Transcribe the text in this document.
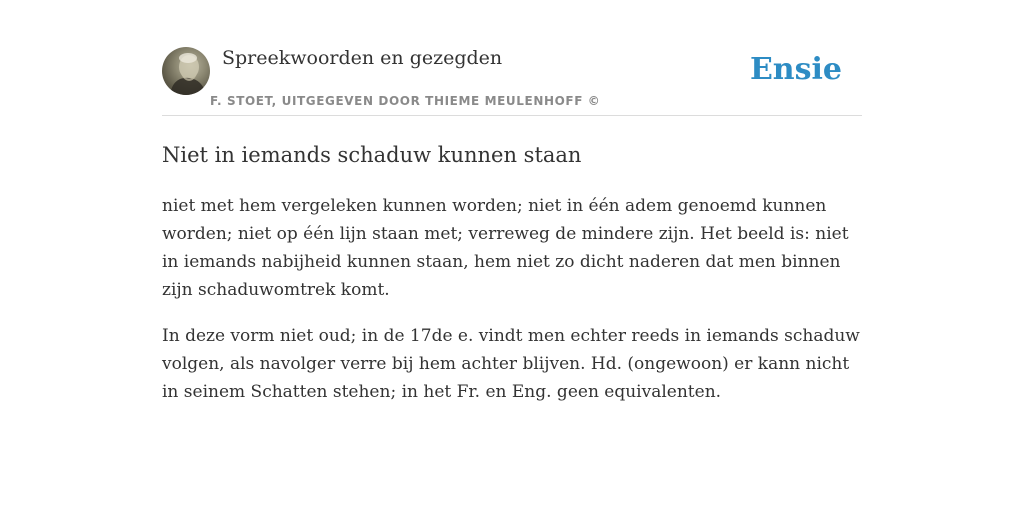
Spreekwoorden en gezegden
F. STOET, UITGEGEVEN DOOR THIEME MEULENHOFF ©
Ensie
Niet in iemands schaduw kunnen staan

niet met hem vergeleken kunnen worden; niet in één adem genoemd kunnen worden; niet op één lijn staan met; verreweg de mindere zijn. Het beeld is: niet in iemands nabijheid kunnen staan, hem niet zo dicht naderen dat men binnen zijn schaduwomtrek komt.

In deze vorm niet oud; in de 17de e. vindt men echter reeds in iemands schaduw volgen, als navolger verre bij hem achter blijven. Hd. (ongewoon) er kann nicht in seinem Schatten stehen; in het Fr. en Eng. geen equivalenten.
